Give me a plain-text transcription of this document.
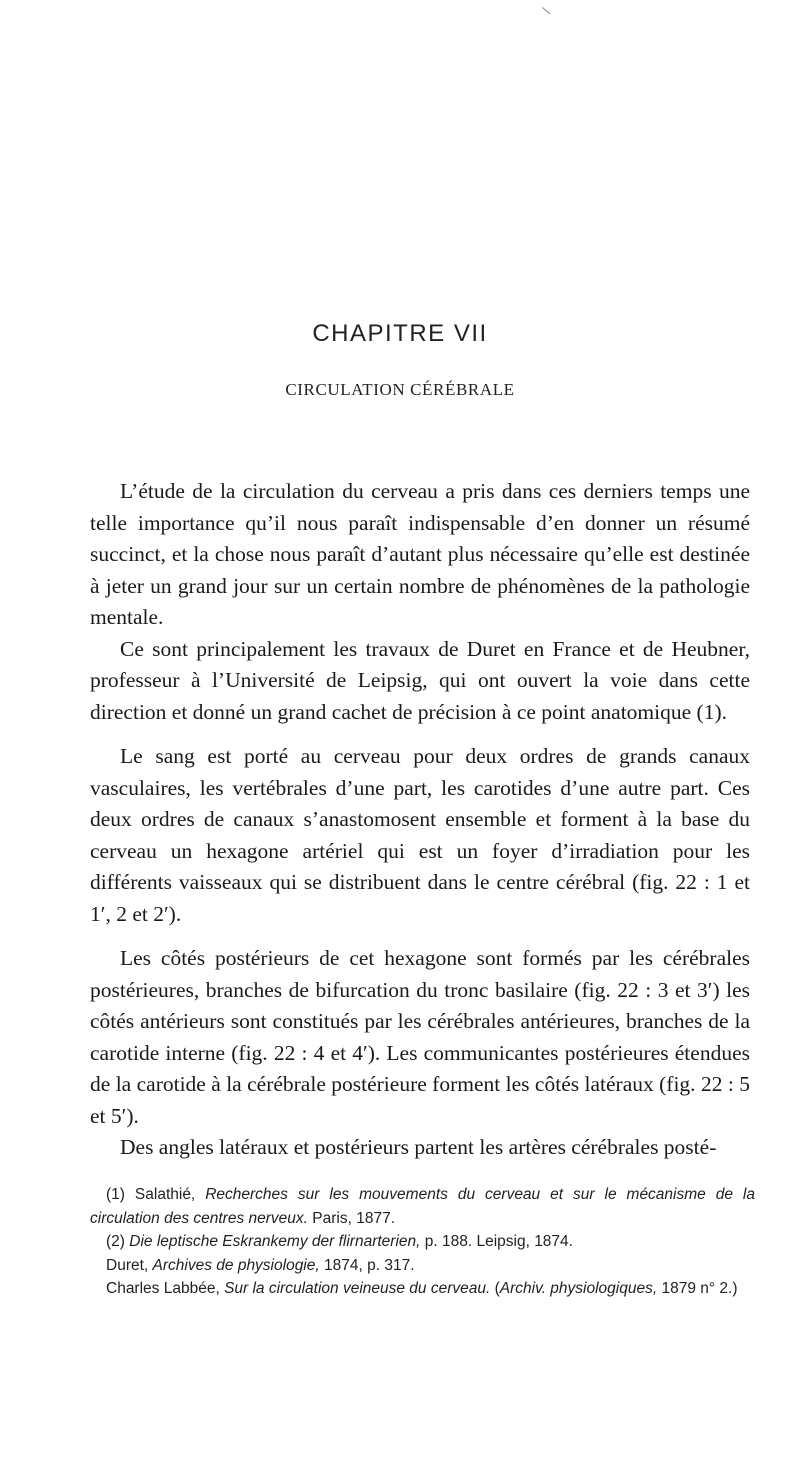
\
CHAPITRE VII
CIRCULATION CÉRÉBRALE

L’étude de la circulation du cerveau a pris dans ces derniers temps une telle importance qu’il nous paraît indispensable d’en donner un résumé succinct, et la chose nous paraît d’autant plus nécessaire qu’elle est destinée à jeter un grand jour sur un certain nombre de phénomènes de la pathologie mentale.

Ce sont principalement les travaux de Duret en France et de Heubner, professeur à l’Université de Leipsig, qui ont ouvert la voie dans cette direction et donné un grand cachet de précision à ce point anatomique (1).

Le sang est porté au cerveau pour deux ordres de grands canaux vasculaires, les vertébrales d’une part, les carotides d’une autre part. Ces deux ordres de canaux s’anastomosent ensemble et forment à la base du cerveau un hexagone artériel qui est un foyer d’irradiation pour les différents vaisseaux qui se distribuent dans le centre cérébral (fig. 22 : 1 et 1′, 2 et 2′).

Les côtés postérieurs de cet hexagone sont formés par les cérébrales postérieures, branches de bifurcation du tronc basilaire (fig. 22 : 3 et 3′) les côtés antérieurs sont constitués par les cérébrales antérieures, branches de la carotide interne (fig. 22 : 4 et 4′). Les communicantes postérieures étendues de la carotide à la cérébrale postérieure forment les côtés latéraux (fig. 22 : 5 et 5′).

Des angles latéraux et postérieurs partent les artères cérébrales posté-

(1) Salathié, Recherches sur les mouvements du cerveau et sur le mécanisme de la circulation des centres nerveux. Paris, 1877.

(2) Die leptische Eskrankemy der flirnarterien, p. 188. Leipsig, 1874.

Duret, Archives de physiologie, 1874, p. 317.

Charles Labbée, Sur la circulation veineuse du cerveau. (Archiv. physiologiques, 1879 n° 2.)
